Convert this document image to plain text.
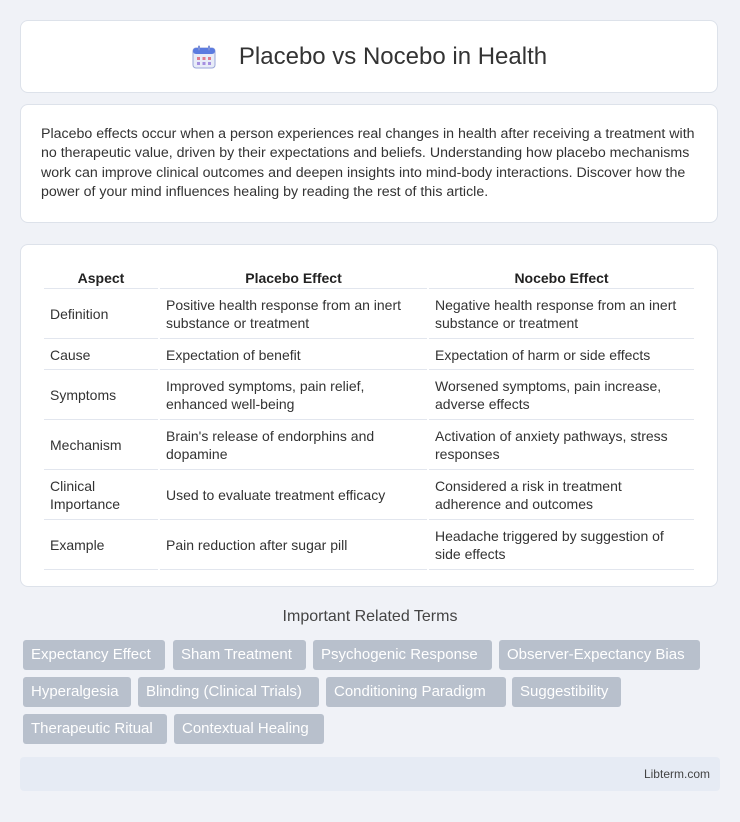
Placebo vs Nocebo in Health

Placebo effects occur when a person experiences real changes in health after receiving a treatment with no therapeutic value, driven by their expectations and beliefs. Understanding how placebo mechanisms work can improve clinical outcomes and deepen insights into mind-body interactions. Discover how the power of your mind influences healing by reading the rest of this article.

Aspect	Placebo Effect	Nocebo Effect
Definition	Positive health response from an inert substance or treatment	Negative health response from an inert substance or treatment
Cause	Expectation of benefit	Expectation of harm or side effects
Symptoms	Improved symptoms, pain relief, enhanced well-being	Worsened symptoms, pain increase, adverse effects
Mechanism	Brain's release of endorphins and dopamine	Activation of anxiety pathways, stress responses
Clinical Importance	Used to evaluate treatment efficacy	Considered a risk in treatment adherence and outcomes
Example	Pain reduction after sugar pill	Headache triggered by suggestion of side effects
Important Related Terms
Expectancy Effect	Sham Treatment	Psychogenic Response	Observer-Expectancy Bias
Hyperalgesia	Blinding (Clinical Trials)	Conditioning Paradigm	Suggestibility
Therapeutic Ritual	Contextual Healing
Libterm.com
